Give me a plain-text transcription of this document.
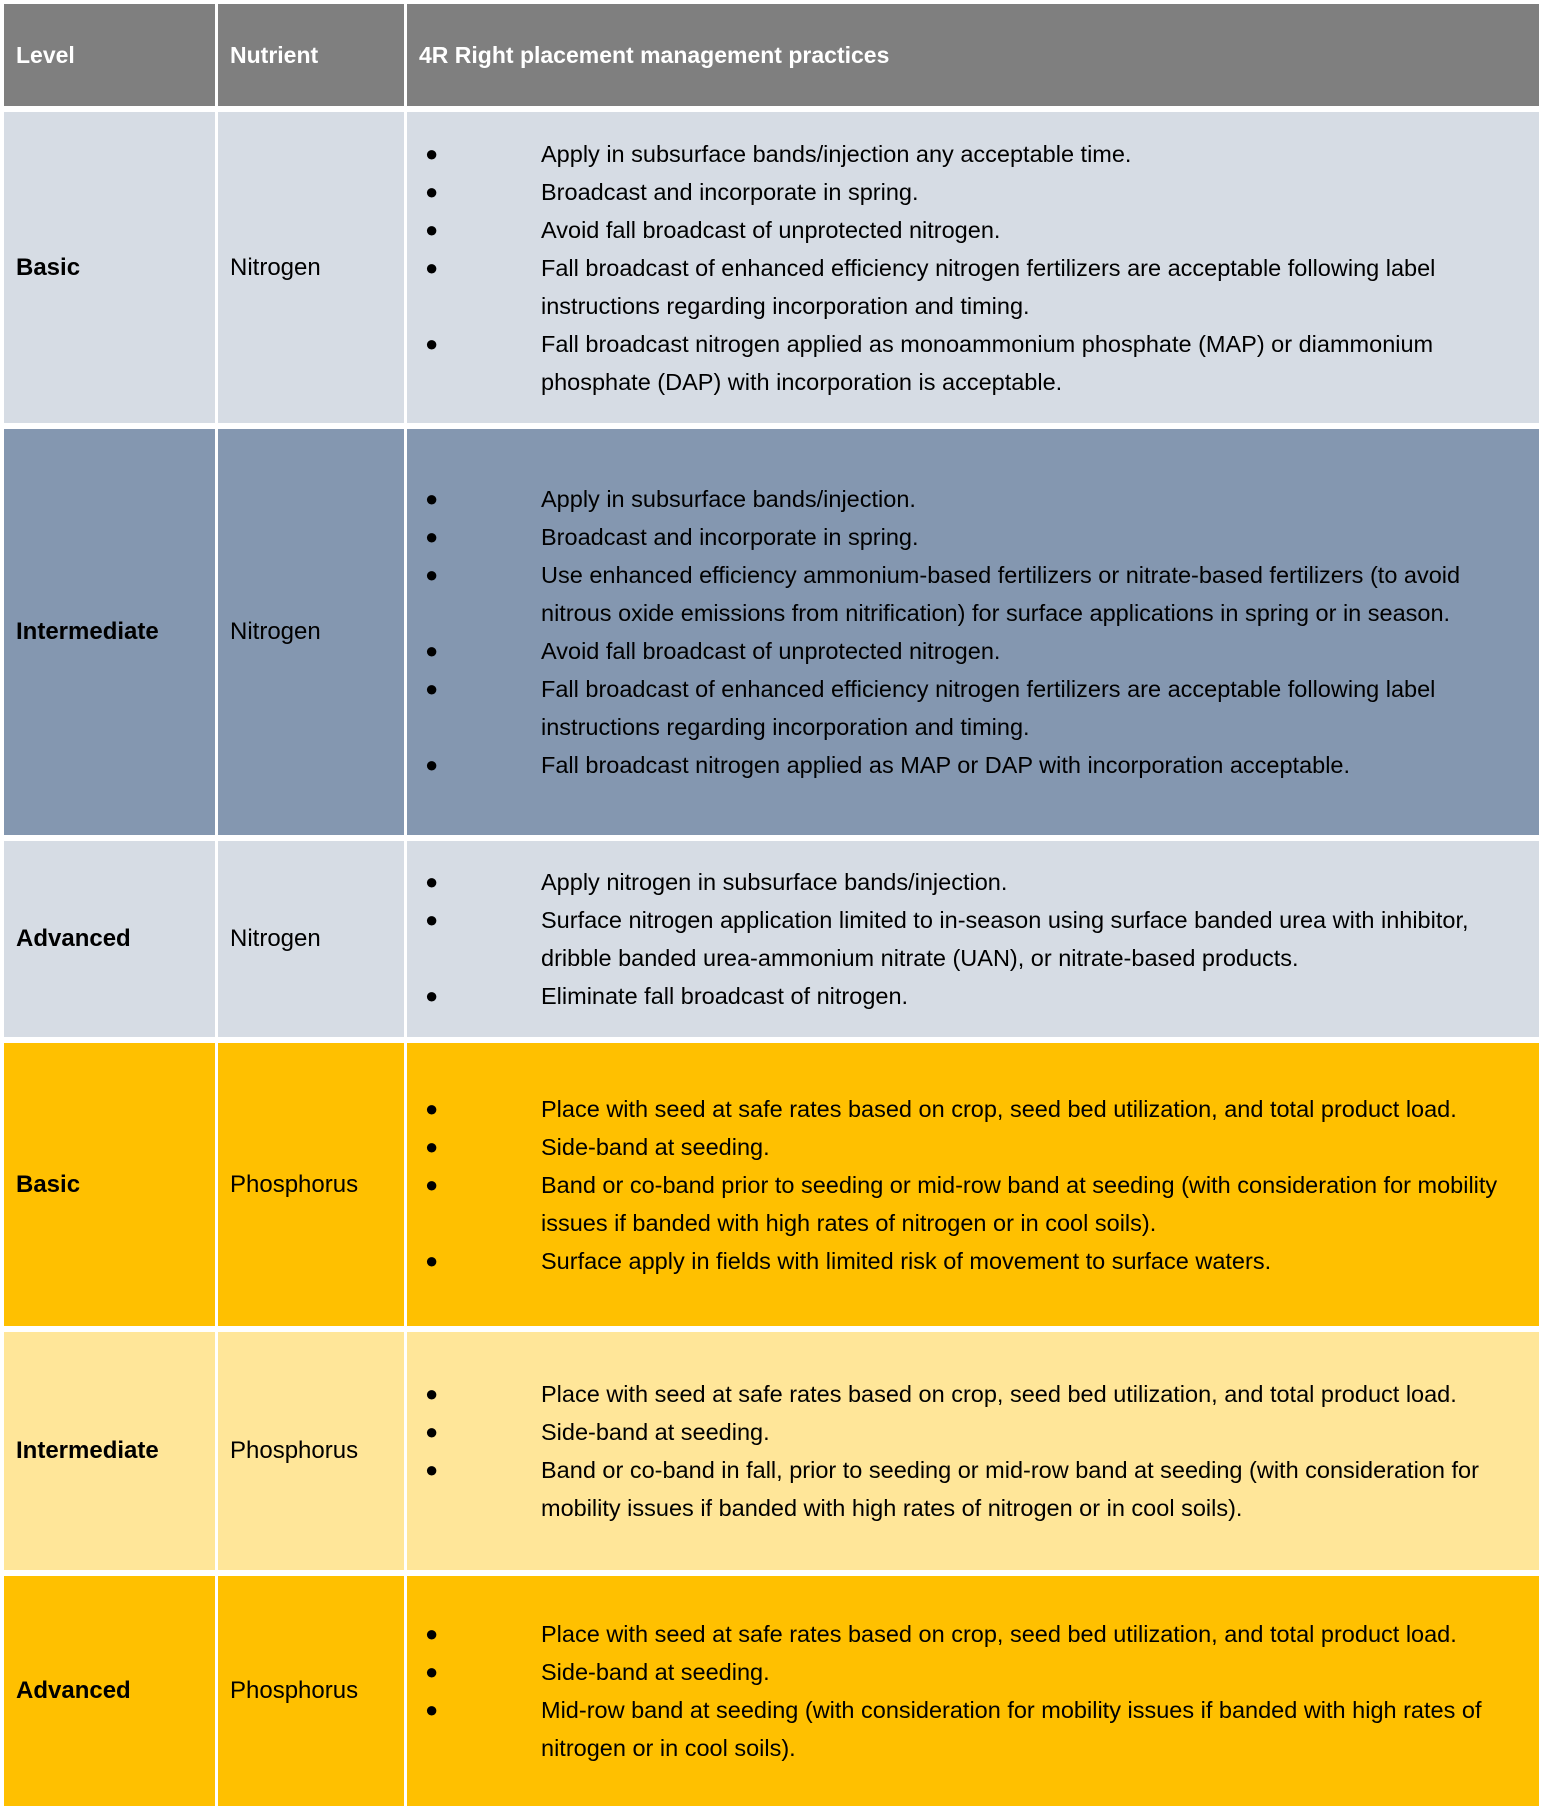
Level	Nutrient	4R Right placement management practices
Basic	Nitrogen
●	Apply in subsurface bands/injection any acceptable time.
●	Broadcast and incorporate in spring.
●	Avoid fall broadcast of unprotected nitrogen.
●	Fall broadcast of enhanced efficiency nitrogen fertilizers are acceptable following label instructions regarding incorporation and timing.
●	Fall broadcast nitrogen applied as monoammonium phosphate (MAP) or diammonium phosphate (DAP) with incorporation is acceptable.
Intermediate	Nitrogen
●	Apply in subsurface bands/injection.
●	Broadcast and incorporate in spring.
●	Use enhanced efficiency ammonium-based fertilizers or nitrate-based fertilizers (to avoid nitrous oxide emissions from nitrification) for surface applications in spring or in season.
●	Avoid fall broadcast of unprotected nitrogen.
●	Fall broadcast of enhanced efficiency nitrogen fertilizers are acceptable following label instructions regarding incorporation and timing.
●	Fall broadcast nitrogen applied as MAP or DAP with incorporation acceptable.
Advanced	Nitrogen
●	Apply nitrogen in subsurface bands/injection.
●	Surface nitrogen application limited to in-season using surface banded urea with inhibitor, dribble banded urea-ammonium nitrate (UAN), or nitrate-based products.
●	Eliminate fall broadcast of nitrogen.
Basic	Phosphorus
●	Place with seed at safe rates based on crop, seed bed utilization, and total product load.
●	Side-band at seeding.
●	Band or co-band prior to seeding or mid-row band at seeding (with consideration for mobility issues if banded with high rates of nitrogen or in cool soils).
●	Surface apply in fields with limited risk of movement to surface waters.
Intermediate	Phosphorus
●	Place with seed at safe rates based on crop, seed bed utilization, and total product load.
●	Side-band at seeding.
●	Band or co-band in fall, prior to seeding or mid-row band at seeding (with consideration for mobility issues if banded with high rates of nitrogen or in cool soils).
Advanced	Phosphorus
●	Place with seed at safe rates based on crop, seed bed utilization, and total product load.
●	Side-band at seeding.
●	Mid-row band at seeding (with consideration for mobility issues if banded with high rates of nitrogen or in cool soils).
